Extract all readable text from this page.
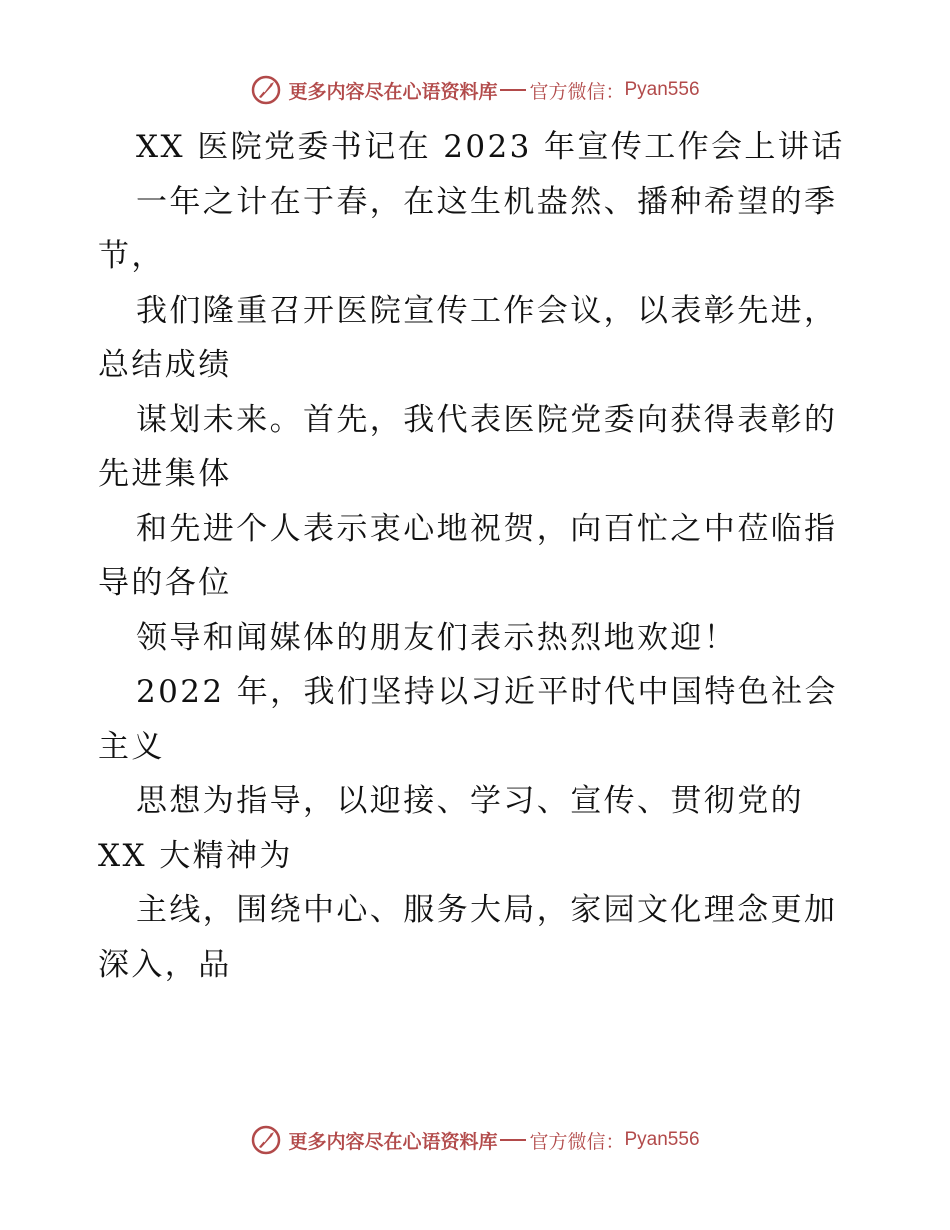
更多内容尽在心语资料库 官方微信： Pyan556
XX 医院党委书记在 2023 年宣传工作会上讲话
一年之计在于春，在这生机盎然、播种希望的季
节，
我们隆重召开医院宣传工作会议，以表彰先进，
总结成绩
谋划未来。首先，我代表医院党委向获得表彰的
先进集体
和先进个人表示衷心地祝贺，向百忙之中莅临指
导的各位
领导和闻媒体的朋友们表示热烈地欢迎！
2022 年，我们坚持以习近平时代中国特色社会
主义
思想为指导，以迎接、学习、宣传、贯彻党的
XX 大精神为
主线，围绕中心、服务大局，家园文化理念更加
深入，品
更多内容尽在心语资料库 官方微信： Pyan556
